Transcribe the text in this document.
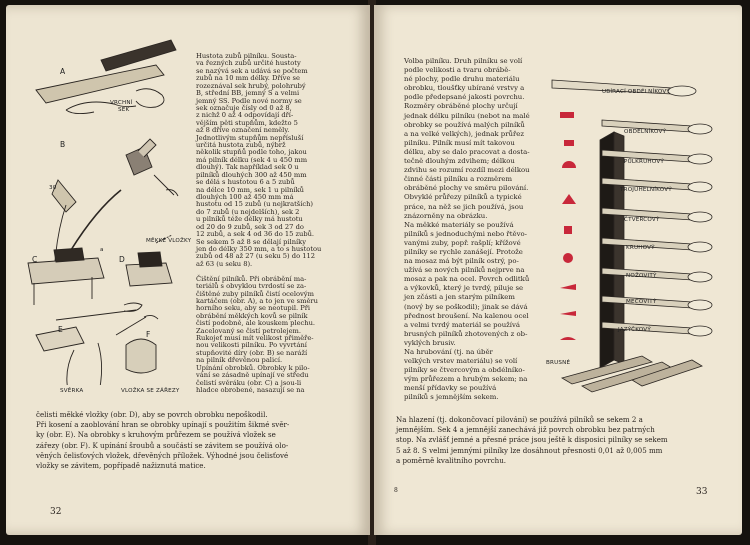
A
B
C	D
E
F
VRCHNÍ
SEK
30
MĚKKÉ VLOŽKY
a
SVĚRKA	VLOŽKA SE ZÁŘEZY
Hustota zubů pilníku. Sousta-
va řezných zubů určité hustoty
se nazývá sek a udává se počtem
zubů na 10 mm délky. Dříve se
rozeznával sek hrubý, polohrubý
B, střední BB, jemný S a velmi
jemný SS. Podle nové normy se
sek označuje čísly od 0 až 8,
z nichž 0 až 4 odpovídají dří-
vějším pěti stupňům, kdežto 5
až 8 dříve označení neměly.
Jednotlivým stupňům nepřísluší
určitá hustota zubů, nýbrž
několik stupňů podle toho, jakou
má pilník délku (sek 4 u 450 mm
dlouhý). Tak například sek 0 u
pilníků dlouhých 300 až 450 mm
se dělá s hustotou 6 a 5 zubů
na délce 10 mm, sek 1 u pilníků
dlouhých 100 až 450 mm má
hustotu od 15 zubů (u nejkratších)
do 7 zubů (u nejdelších), sek 2
u pilníků téže délky má hustotu
od 20 do 9 zubů, sek 3 od 27 do
12 zubů, a sek 4 od 36 do 15 zubů.
Se sekem 5 až 8 se dělají pilníky
jen do délky 350 mm, a to s hustotou
zubů od 48 až 27 (u seku 5) do 112
až 63 (u seku 8).

Čištění pilníků. Při obrábění ma-
teriálů s obvyklou tvrdostí se za-
čištěné zuby pilníků čistí ocelovým
kartáčem (obr. A), a to jen ve směru
horního seku, aby se neotupil. Při
obrábění měkkých kovů se pilník
čistí podobně, ale kouskem plechu.
Zacelovaný se čistí petrolejem.
Rukojeť musí mít velikost přiměře-
nou velikosti pilníku. Po vyvrtání
stupňovité díry (obr. B) se naráží
na pilník dřevěnou palicí.
Upínání obrobků. Obrobky k pilo-
vání se zásadně upínají ve středu
čelistí svěráku (obr. C) a jsou-li
hladce obrobené, nasazují se na
čelisti měkké vložky (obr. D), aby se povrch obrobku nepoškodil.
Při kosení a zaoblování hran se obrobky upínají s použitím šikmé svěr-
ky (obr. E). Na obrobky s kruhovým průřezem se používá vložek se
zářezy (obr. F). K upínání šroubů a součástí se závitem se používá olo-
věných čelisťových vložek, dřevěných příložek. Výhodné jsou čelisťové
vložky se závitem, popřípadě nažiznutá matice.
32
Volba pilníku. Druh pilníku se volí
podle velikosti a tvaru obrábě-
né plochy, podle druhu materiálu
obrobku, tloušťky ubírané vrstvy a
podle předepsané jakosti povrchu.
Rozměry obráběné plochy určují
jednak délku pilníku (nebot na malé
obrobky se používá malých pilníků
a na velké velkých), jednak průřez
pilníku. Pilník musí mít takovou
délku, aby se dalo pracovat a dosta-
tečně dlouhým zdvihem; délkou
zdvihu se rozumí rozdíl mezi délkou
činné části pilníku a rozměrem
obráběné plochy ve směru pilování.
Obvyklé průřezy pilníků a typické
práce, na něž se jich používá, jsou
znázorněny na obrázku.
Na měkké materiály se používá
pilníků s jednoduchými nebo řtěvo-
vanými zuby, popř. rašplí; křížové
pilníky se rychle zanášejí. Protože
na mosaz má být pilník ostrý, po-
užívá se nových pilníků nejprve na
mosaz a pak na ocel. Povrch odlitků
a výkovků, který je tvrdý, piluje se
jen zčásti a jen starým pilníkem
(nový by se poškodil); jinak se dává
přednost broušení. Na kalenou ocel
a velmi tvrdý materiál se používá
brusných pilníků zhotovených z ob-
vyklých brusiv.
Na hrubování (tj. na úběr
velkých vrstev materiálu) se volí
pilníky se čtvercovým a obdélníko-
vým průřezem a hrubým sekem; na
menší přídavky se používá
pilníků s jemnějším sekem.
Na hlazení (tj. dokončovací pilování) se používá pilníků se sekem 2 a
jemnějším. Sek 4 a jemnější zanechává již povrch obrobku bez patrných
stop. Na zvlášť jemné a přesné práce jsou ještě k disposici pilníky se sekem
5 až 8. S velmi jemnými pilníky lze dosáhnout přesnosti 0,01 až 0,005 mm
a poměrně kvalitního povrchu.
UBÍRACÍ OBDÉLNÍKOVÝ
OBDÉLNÍKOVÝ
PŮLKRUHOVÝ
TROJÚHELNÍKOVÝ
ČTVERCOVÝ
KRUHOVÝ
NOŽOVITÝ
MEČOVITÝ
JAZÝČKOVÝ
BRUSNÉ
8	33
